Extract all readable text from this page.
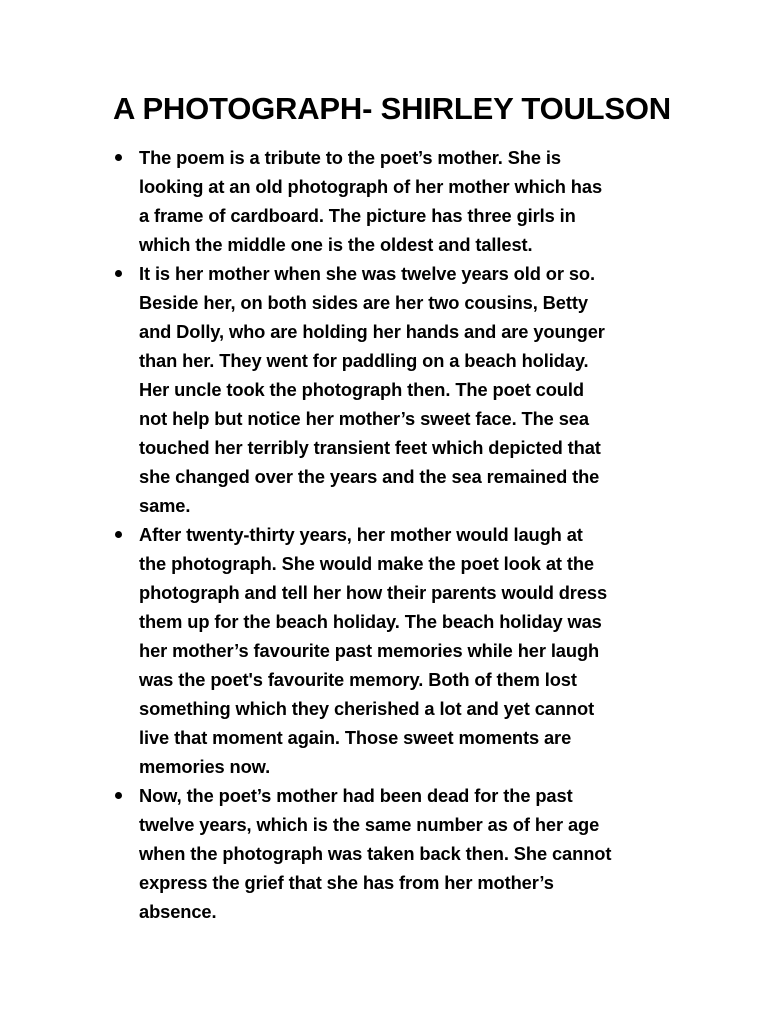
A PHOTOGRAPH- SHIRLEY TOULSON
The poem is a tribute to the poet’s mother. She is
looking at an old photograph of her mother which has
a frame of cardboard. The picture has three girls in
which the middle one is the oldest and tallest.
It is her mother when she was twelve years old or so.
Beside her, on both sides are her two cousins, Betty
and Dolly, who are holding her hands and are younger
than her. They went for paddling on a beach holiday.
Her uncle took the photograph then. The poet could
not help but notice her mother’s sweet face. The sea
touched her terribly transient feet which depicted that
she changed over the years and the sea remained the
same.
After twenty-thirty years, her mother would laugh at
the photograph. She would make the poet look at the
photograph and tell her how their parents would dress
them up for the beach holiday. The beach holiday was
her mother’s favourite past memories while her laugh
was the poet's favourite memory. Both of them lost
something which they cherished a lot and yet cannot
live that moment again. Those sweet moments are
memories now.
Now, the poet’s mother had been dead for the past
twelve years, which is the same number as of her age
when the photograph was taken back then. She cannot
express the grief that she has from her mother’s
absence.
